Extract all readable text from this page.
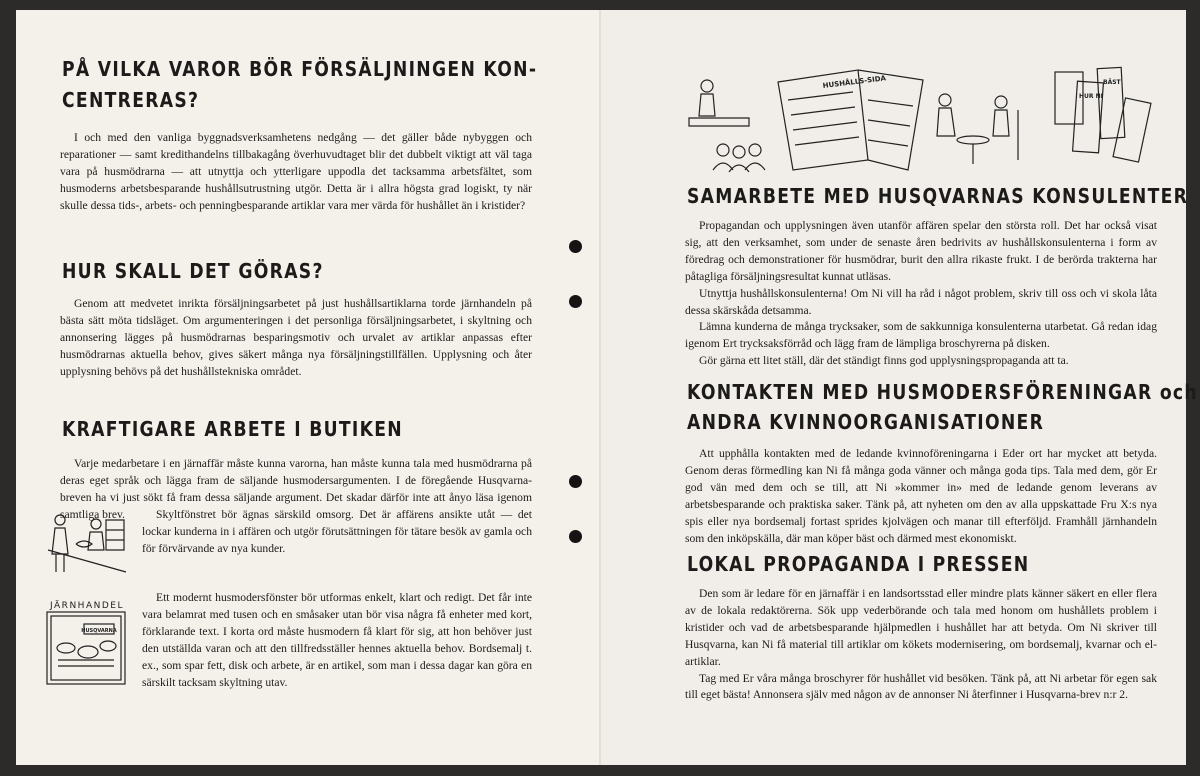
PÅ VILKA VAROR BÖR FÖRSÄLJNINGEN KON-
CENTRERAS?

I och med den vanliga byggnadsverksamhetens nedgång — det gäller både nybyggen och reparationer — samt kredithandelns tillbakagång överhuvudtaget blir det dubbelt viktigt att väl taga vara på husmödrarna — att utnyttja och ytterligare uppodla det tacksamma arbetsfältet, som husmoderns arbetsbesparande hushållsutrustning utgör. Detta är i allra högsta grad logiskt, ty när skulle dessa tids-, arbets- och penningbesparande artiklar vara mer värda för hushållet än i kristider?

HUR SKALL DET GÖRAS?

Genom att medvetet inrikta försäljningsarbetet på just hushållsartiklarna torde järnhandeln på bästa sätt möta tidsläget. Om argumenteringen i det personliga försäljningsarbetet, i skyltning och annonsering lägges på husmödrarnas besparingsmotiv och urvalet av artiklar anpassas efter husmödrarnas aktuella behov, gives säkert många nya försäljningstillfällen. Upplysning och åter upplysning behövs på det hushållstekniska området.

KRAFTIGARE ARBETE I BUTIKEN

Varje medarbetare i en järnaffär måste kunna varorna, han måste kunna tala med husmödrarna på deras eget språk och lägga fram de säljande husmodersargumenten. I de föregående Husqvarna-breven ha vi just sökt få fram dessa säljande argument. Det skadar därför inte att ånyo läsa igenom samtliga brev.	Skyltfönstret bör ägnas särskild omsorg. Det är affärens ansikte utåt — det lockar kunderna in i affären och utgör förutsättningen för tätare besök av gamla och för förvärvande av nya kunder.

Ett modernt husmodersfönster bör utformas enkelt, klart och redigt. Det får inte vara belamrat med tusen och en småsaker utan bör visa några få enheter med kort, förklarande text. I korta ord måste husmodern få klart för sig, att hon behöver just den utställda varan och att den tillfredsställer hennes aktuella behov. Bordsemalj t. ex., som spar fett, disk och arbete, är en artikel, som man i dessa dagar kan göra en särskilt tacksam skyltning utav.

JÄRNHANDEL
HUSQVARNA
HUSHÅLLS-SIDA
HUR NI
BÄST
SAMARBETE MED HUSQVARNAS KONSULENTER

Propagandan och upplysningen även utanför affären spelar den största roll. Det har också visat sig, att den verksamhet, som under de senaste åren bedrivits av hushållskonsulenterna i form av föredrag och demonstrationer för husmödrar, burit den allra rikaste frukt. I de berörda trakterna har påtagliga försäljningsresultat kunnat utläsas.

Utnyttja hushållskonsulenterna! Om Ni vill ha råd i något problem, skriv till oss och vi skola låta dessa skärskåda detsamma.

Lämna kunderna de många trycksaker, som de sakkunniga konsulenterna utarbetat. Gå redan idag igenom Ert trycksaksförråd och lägg fram de lämpliga broschyrerna på disken.

Gör gärna ett litet ställ, där det ständigt finns god upplysningspropaganda att ta.

KONTAKTEN MED HUSMODERSFÖRENINGAR och
ANDRA KVINNOORGANISATIONER

Att upphålla kontakten med de ledande kvinnoföreningarna i Eder ort har mycket att betyda. Genom deras förmedling kan Ni få många goda vänner och många goda tips. Tala med dem, gör Er god vän med dem och se till, att Ni »kommer in» med de ledande genom leverans av arbetsbesparande och praktiska saker. Tänk på, att nyheten om den av alla uppskattade Fru X:s nya spis eller nya bordsemalj fortast sprides kjolvägen och manar till efterföljd. Framhåll järnhandeln som den inköpskälla, där man köper bäst och därmed mest ekonomiskt.

LOKAL PROPAGANDA I PRESSEN

Den som är ledare för en järnaffär i en landsortsstad eller mindre plats känner säkert en eller flera av de lokala redaktörerna. Sök upp vederbörande och tala med honom om hushållets problem i kristider och vad de arbetsbesparande hjälpmedlen i hushållet har att betyda. Om Ni skriver till Husqvarna, kan Ni få material till artiklar om kökets modernisering, om bordsemalj, kvarnar och el-artiklar.

Tag med Er våra många broschyrer för hushållet vid besöken. Tänk på, att Ni arbetar för egen sak till eget bästa! Annonsera själv med någon av de annonser Ni återfinner i Husqvarna-brev n:r 2.
